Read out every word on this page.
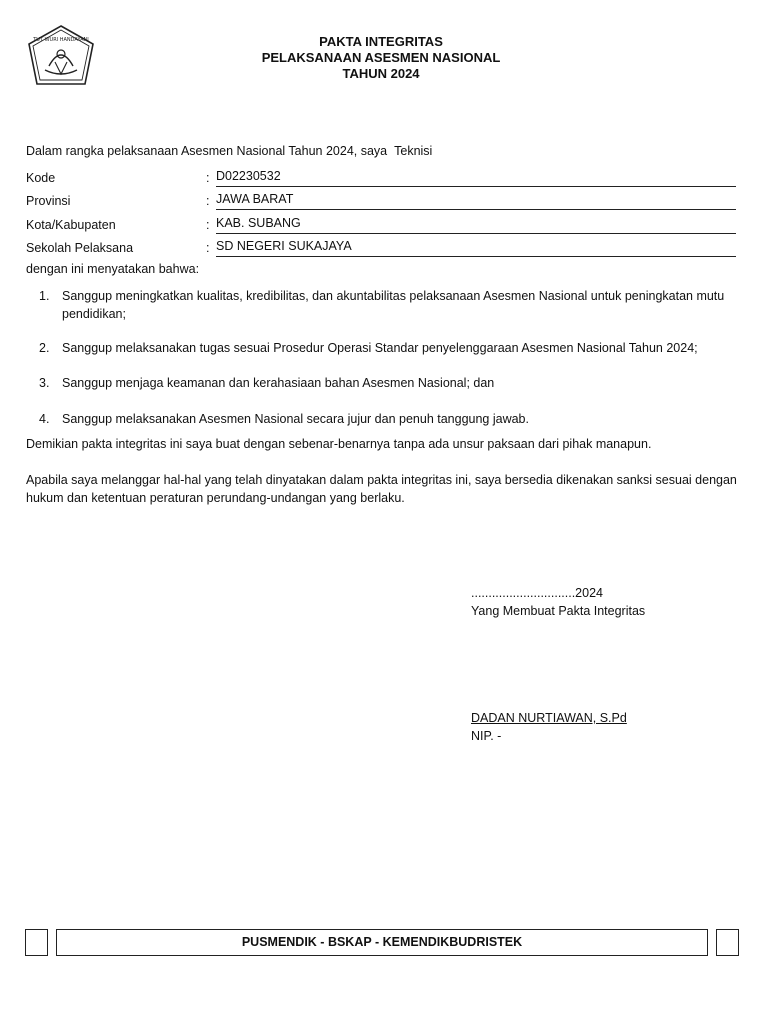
TUT WURI HANDAYANI	PAKTA INTEGRITAS
PELAKSANAAN ASESMEN NASIONAL
TAHUN 2024
Dalam rangka pelaksanaan Asesmen Nasional Tahun 2024, saya Teknisi
Kode	: D02230532
Provinsi	: JAWA BARAT
Kota/Kabupaten	: KAB. SUBANG
Sekolah Pelaksana	: SD NEGERI SUKAJAYA
dengan ini menyatakan bahwa:
1. Sanggup meningkatkan kualitas, kredibilitas, dan akuntabilitas pelaksanaan Asesmen Nasional untuk peningkatan mutu pendidikan;
2. Sanggup melaksanakan tugas sesuai Prosedur Operasi Standar penyelenggaraan Asesmen Nasional Tahun 2024;
3. Sanggup menjaga keamanan dan kerahasiaan bahan Asesmen Nasional; dan
4. Sanggup melaksanakan Asesmen Nasional secara jujur dan penuh tanggung jawab.
Demikian pakta integritas ini saya buat dengan sebenar-benarnya tanpa ada unsur paksaan dari pihak manapun.
Apabila saya melanggar hal-hal yang telah dinyatakan dalam pakta integritas ini, saya bersedia dikenakan sanksi sesuai dengan hukum dan ketentuan peraturan perundang-undangan yang berlaku.
..............................2024
Yang Membuat Pakta Integritas
DADAN NURTIAWAN, S.Pd
NIP. -
PUSMENDIK - BSKAP - KEMENDIKBUDRISTEK
